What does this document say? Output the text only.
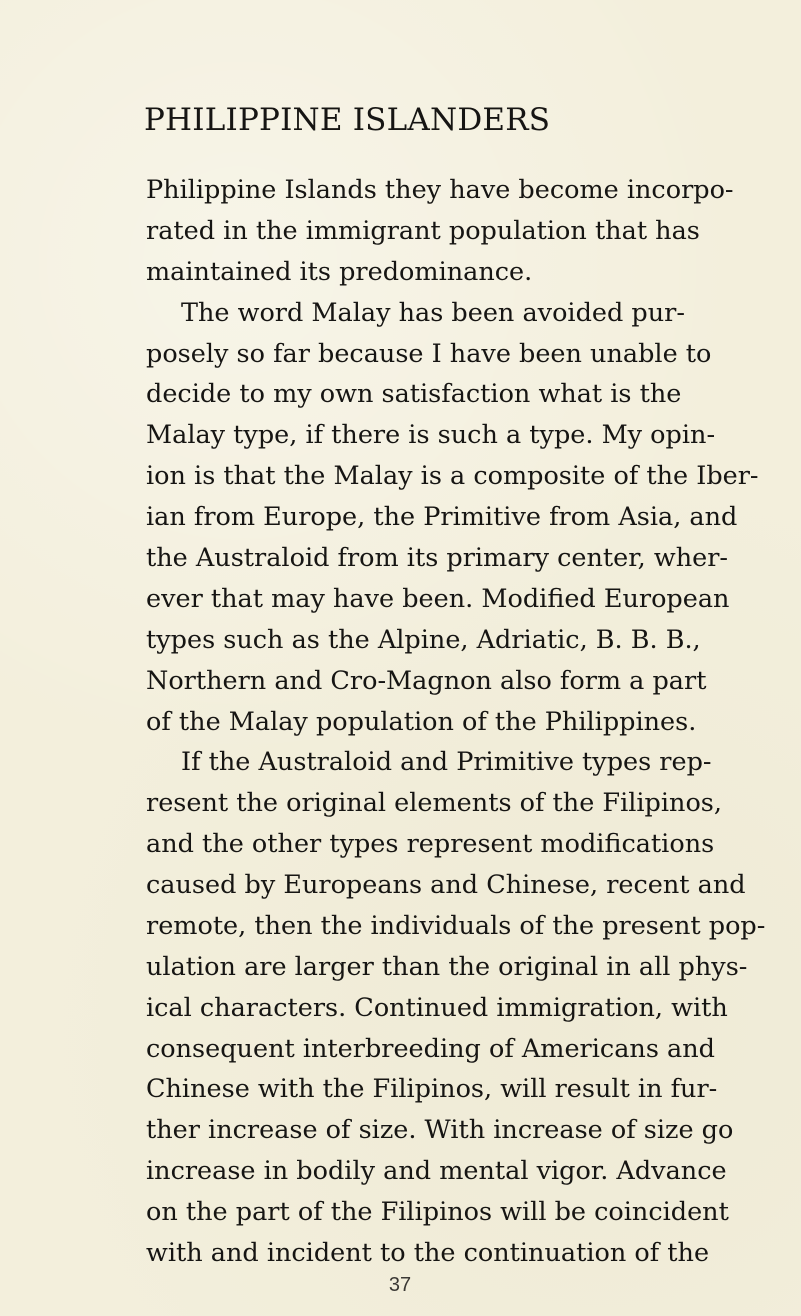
PHILIPPINE ISLANDERS
Philippine Islands they have become incorpo-
rated in the immigrant population that has
maintained its predominance.
The word Malay has been avoided pur-
posely so far because I have been unable to
decide to my own satisfaction what is the
Malay type, if there is such a type. My opin-
ion is that the Malay is a composite of the Iber-
ian from Europe, the Primitive from Asia, and
the Australoid from its primary center, wher-
ever that may have been. Modified European
types such as the Alpine, Adriatic, B. B. B.,
Northern and Cro-Magnon also form a part
of the Malay population of the Philippines.
If the Australoid and Primitive types rep-
resent the original elements of the Filipinos,
and the other types represent modifications
caused by Europeans and Chinese, recent and
remote, then the individuals of the present pop-
ulation are larger than the original in all phys-
ical characters. Continued immigration, with
consequent interbreeding of Americans and
Chinese with the Filipinos, will result in fur-
ther increase of size. With increase of size go
increase in bodily and mental vigor. Advance
on the part of the Filipinos will be coincident
with and incident to the continuation of the
37
